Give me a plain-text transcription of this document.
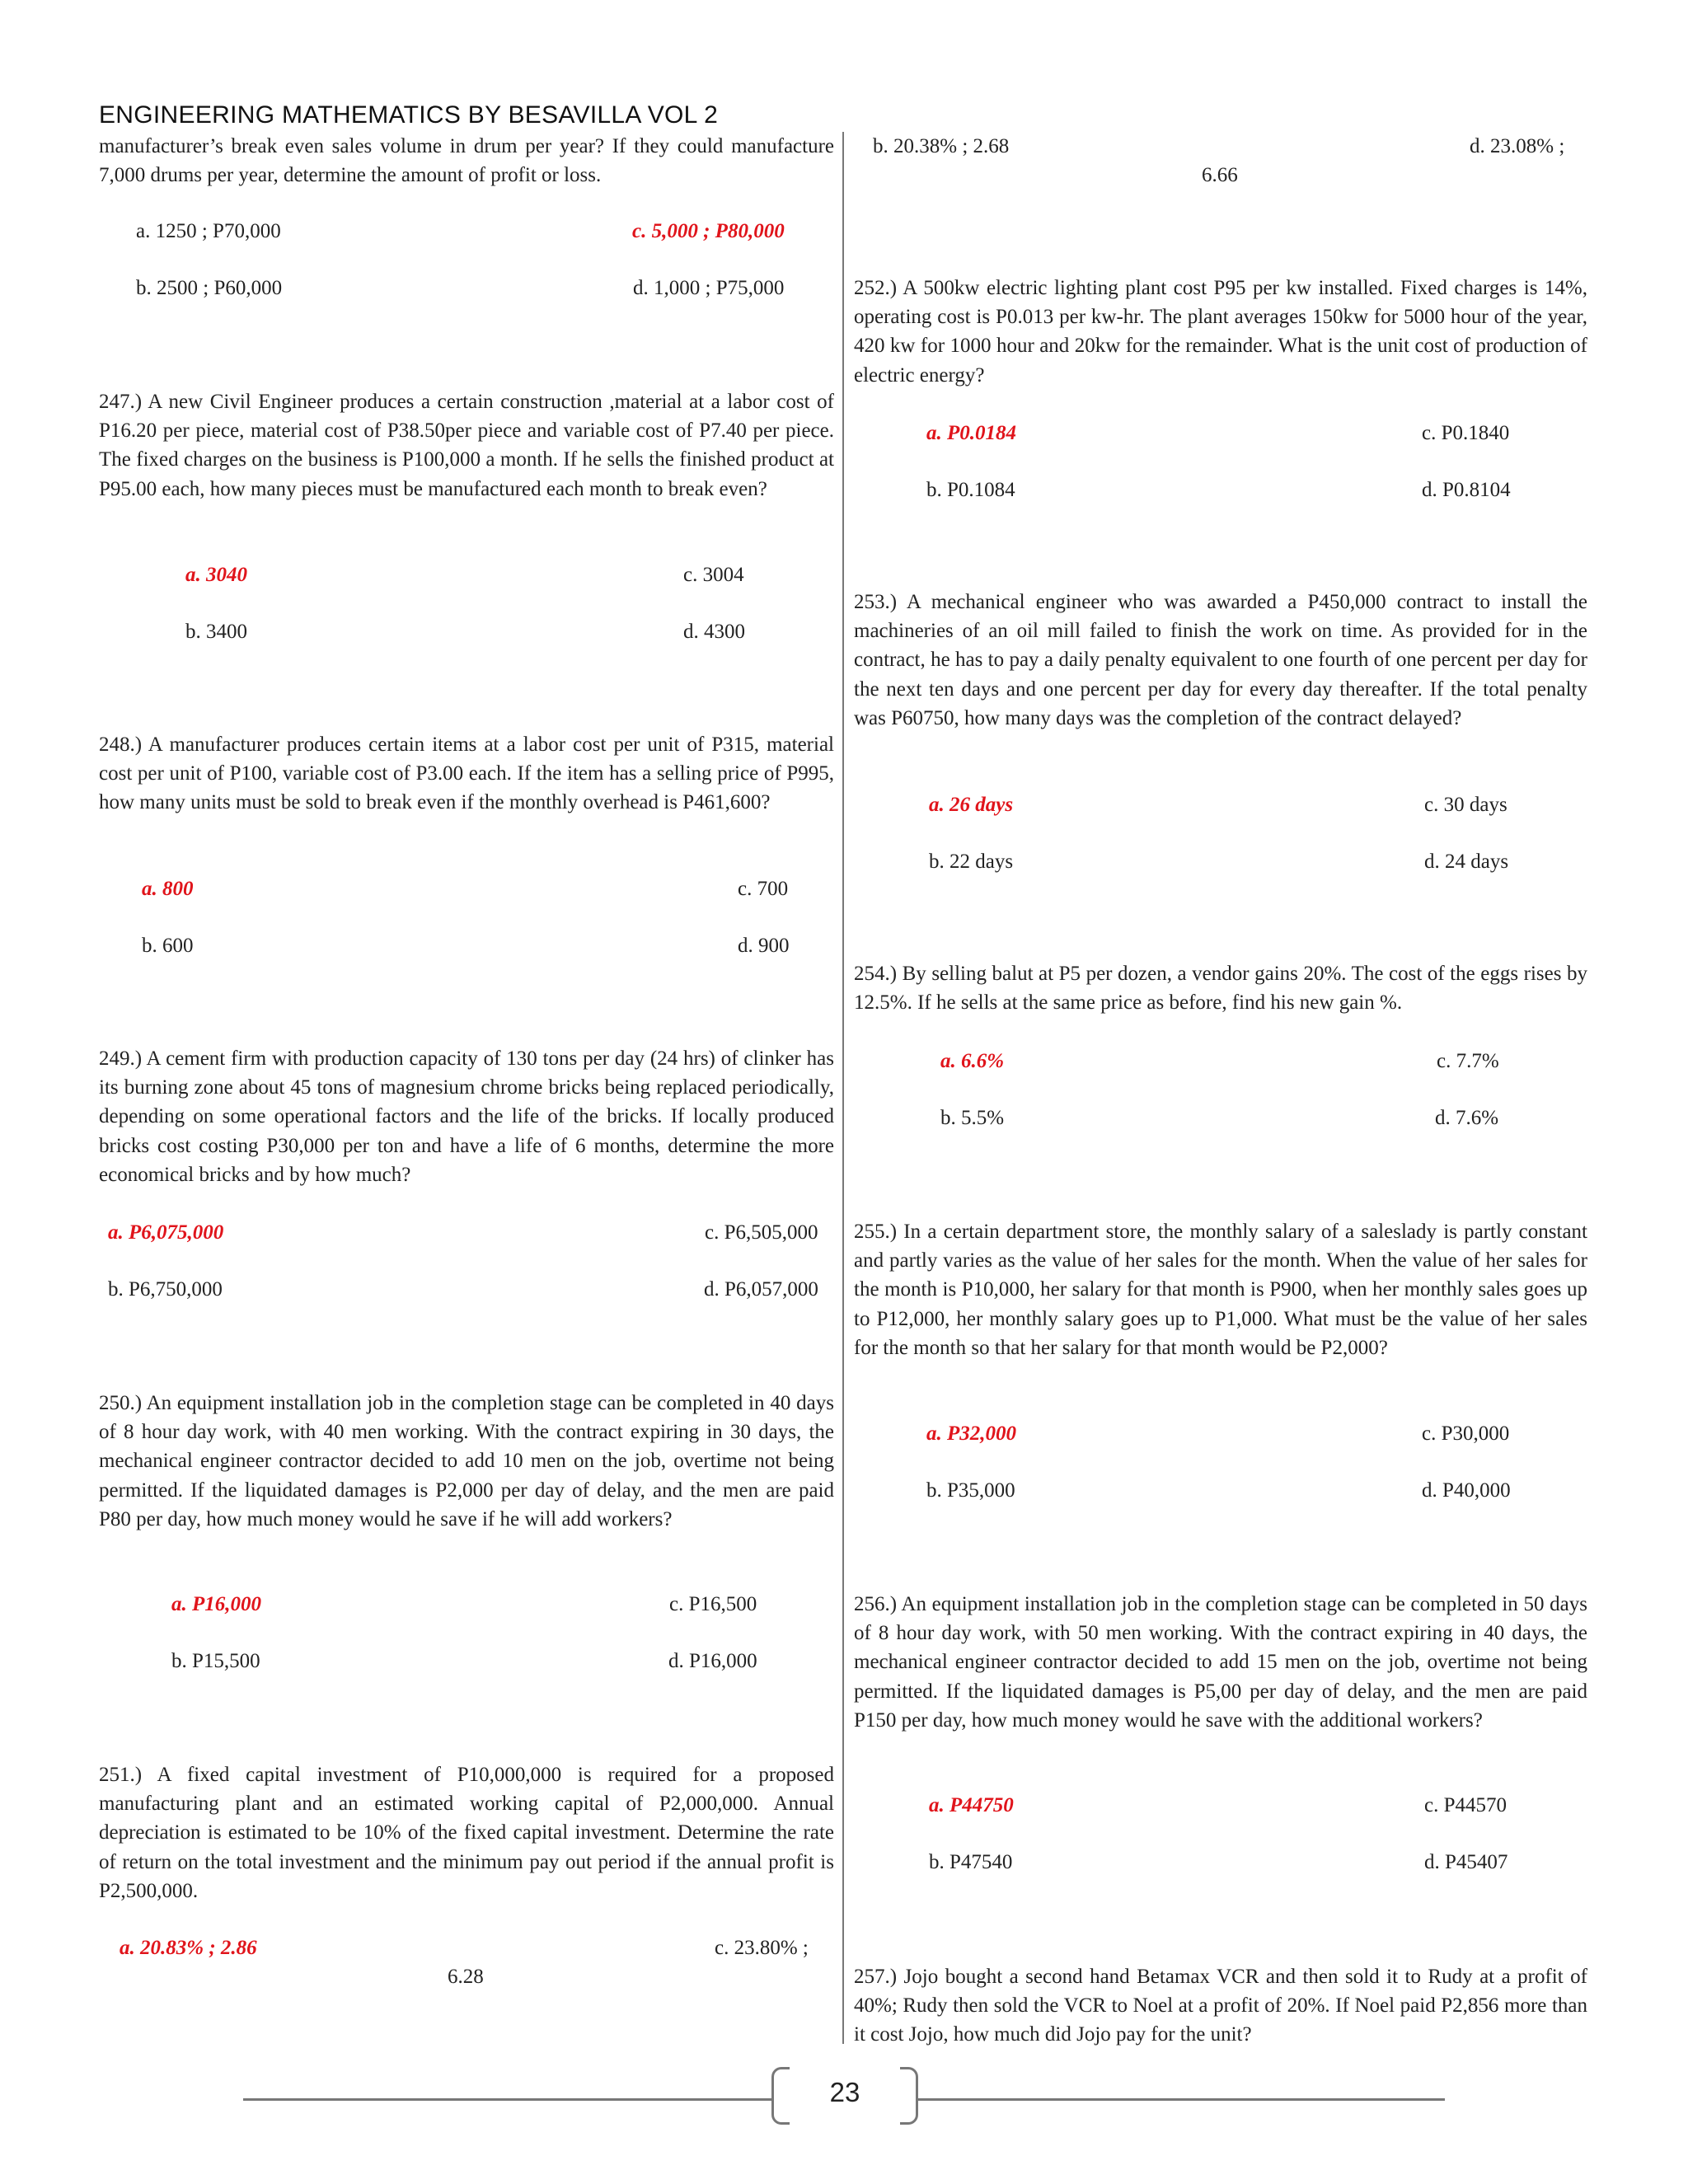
ENGINEERING MATHEMATICS BY BESAVILLA VOL 2
manufacturer’s break even sales volume in drum per year? If they could manufacture 7,000 drums per year, determine the amount of profit or loss.
a. 1250 ; P70,000	c. 5,000 ; P80,000
b. 2500 ; P60,000	d. 1,000 ; P75,000
247.) A new Civil Engineer produces a certain construction ,material at a labor cost of P16.20 per piece, material cost of P38.50per piece and variable cost of P7.40 per piece. The fixed charges on the business is P100,000 a month. If he sells the finished product at P95.00 each, how many pieces must be manufactured each month to break even?
a. 3040	c. 3004
b. 3400	d. 4300
248.) A manufacturer produces certain items at a labor cost per unit of P315, material cost per unit of P100, variable cost of P3.00 each. If the item has a selling price of P995, how many units must be sold to break even if the monthly overhead is P461,600?
a. 800	c. 700
b. 600	d. 900
249.) A cement firm with production capacity of 130 tons per day (24 hrs) of clinker has its burning zone about 45 tons of magnesium chrome bricks being replaced periodically, depending on some operational factors and the life of the bricks. If locally produced bricks cost costing P30,000 per ton and have a life of 6 months, determine the more economical bricks and by how much?
a. P6,075,000	c. P6,505,000
b. P6,750,000	d. P6,057,000
250.) An equipment installation job in the completion stage can be completed in 40 days of 8 hour day work, with 40 men working. With the contract expiring in 30 days, the mechanical engineer contractor decided to add 10 men on the job, overtime not being permitted. If the liquidated damages is P2,000 per day of delay, and the men are paid P80 per day, how much money would he save if he will add workers?
a. P16,000	c. P16,500
b. P15,500	d. P16,000
251.) A fixed capital investment of P10,000,000 is required for a proposed manufacturing plant and an estimated working capital of P2,000,000. Annual depreciation is estimated to be 10% of the fixed capital investment. Determine the rate of return on the total investment and the minimum pay out period if the annual profit is P2,500,000.
a. 20.83% ; 2.86	c. 23.80% ;
6.28
b. 20.38% ; 2.68	d. 23.08% ;
6.66
252.) A 500kw electric lighting plant cost P95 per kw installed. Fixed charges is 14%, operating cost is P0.013 per kw-hr. The plant averages 150kw for 5000 hour of the year, 420 kw for 1000 hour and 20kw for the remainder. What is the unit cost of production of electric energy?
a. P0.0184	c. P0.1840
b. P0.1084	d. P0.8104
253.) A mechanical engineer who was awarded a P450,000 contract to install the machineries of an oil mill failed to finish the work on time. As provided for in the contract, he has to pay a daily penalty equivalent to one fourth of one percent per day for the next ten days and one percent per day for every day thereafter. If the total penalty was P60750, how many days was the completion of the contract delayed?
a. 26 days	c. 30 days
b. 22 days	d. 24 days
254.) By selling balut at P5 per dozen, a vendor gains 20%. The cost of the eggs rises by 12.5%. If he sells at the same price as before, find his new gain %.
a. 6.6%	c. 7.7%
b. 5.5%	d. 7.6%
255.) In a certain department store, the monthly salary of a saleslady is partly constant and partly varies as the value of her sales for the month. When the value of her sales for the month is P10,000, her salary for that month is P900, when her monthly sales goes up to P12,000, her monthly salary goes up to P1,000. What must be the value of her sales for the month so that her salary for that month would be P2,000?
a. P32,000	c. P30,000
b. P35,000	d. P40,000
256.) An equipment installation job in the completion stage can be completed in 50 days of 8 hour day work, with 50 men working. With the contract expiring in 40 days, the mechanical engineer contractor decided to add 15 men on the job, overtime not being permitted. If the liquidated damages is P5,00 per day of delay, and the men are paid P150 per day, how much money would he save with the additional workers?
a. P44750	c. P44570
b. P47540	d. P45407
257.) Jojo bought a second hand Betamax VCR and then sold it to Rudy at a profit of 40%; Rudy then sold the VCR to Noel at a profit of 20%. If Noel paid P2,856 more than it cost Jojo, how much did Jojo pay for the unit?
23
